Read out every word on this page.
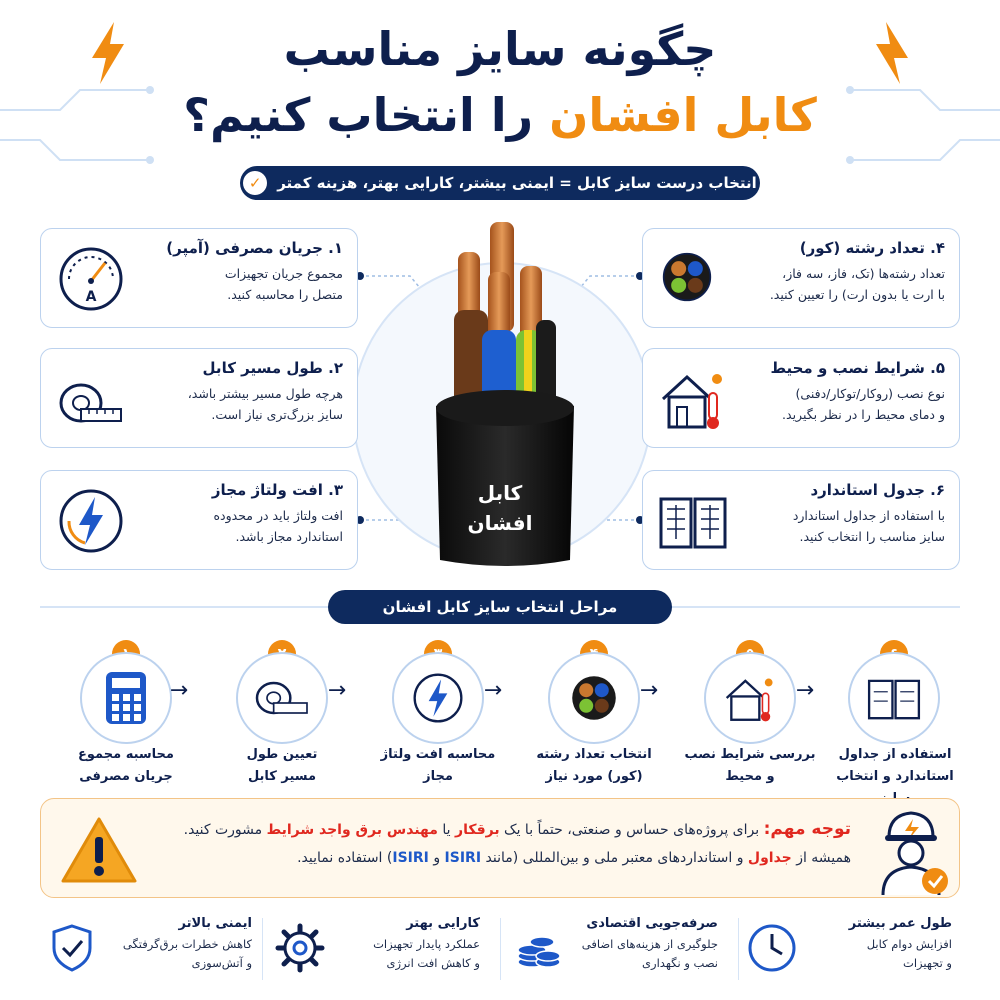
چگونه سایز مناسب
کابل افشان را انتخاب کنیم؟
انتخاب درست سایز کابل = ایمنی بیشتر، کارایی بهتر، هزینه کمتر
✓
کابل
افشان
۱. جریان مصرفی (آمپر)
مجموع جریان تجهیزات
متصل را محاسبه کنید.
A
۲. طول مسیر کابل
هرچه طول مسیر بیشتر باشد،
سایز بزرگ‌تری نیاز است.
۳. افت ولتاژ مجاز
افت ولتاژ باید در محدوده
استاندارد مجاز باشد.
۴. تعداد رشته (کور)
تعداد رشته‌ها (تک، فاز، سه فاز،
با ارت یا بدون ارت) را تعیین کنید.
۵. شرایط نصب و محیط
نوع نصب (روکار/توکار/دفنی)
و دمای محیط را در نظر بگیرید.
۶. جدول استاندارد
با استفاده از جداول استاندارد
سایز مناسب را انتخاب کنید.
مراحل انتخاب سایز کابل افشان
محاسبه مجموع
جریان مصرفی
→
تعیین طول
مسیر کابل
→
محاسبه افت ولتاژ
مجاز
→
انتخاب تعداد رشته
(کور) مورد نیاز
→
بررسی شرایط نصب
و محیط
→
استفاده از جداول
استاندارد و انتخاب
توجه مهم: برای پروژه‌های حساس و صنعتی، حتماً با یک برقکار یا مهندس برق واجد شرایط مشورت کنید.
همیشه از جداول و استانداردهای معتبر ملی و بین‌المللی (مانند ISIRI و ISIRI) استفاده نمایید.
طول عمر بیشتر
افزایش دوام کابل
و تجهیزات
صرفه‌جویی اقتصادی
جلوگیری از هزینه‌های اضافی
نصب و نگهداری
کارایی بهتر
عملکرد پایدار تجهیزات
و کاهش افت انرژی
ایمنی بالاتر
کاهش خطرات برق‌گرفتگی
و آتش‌سوزی
